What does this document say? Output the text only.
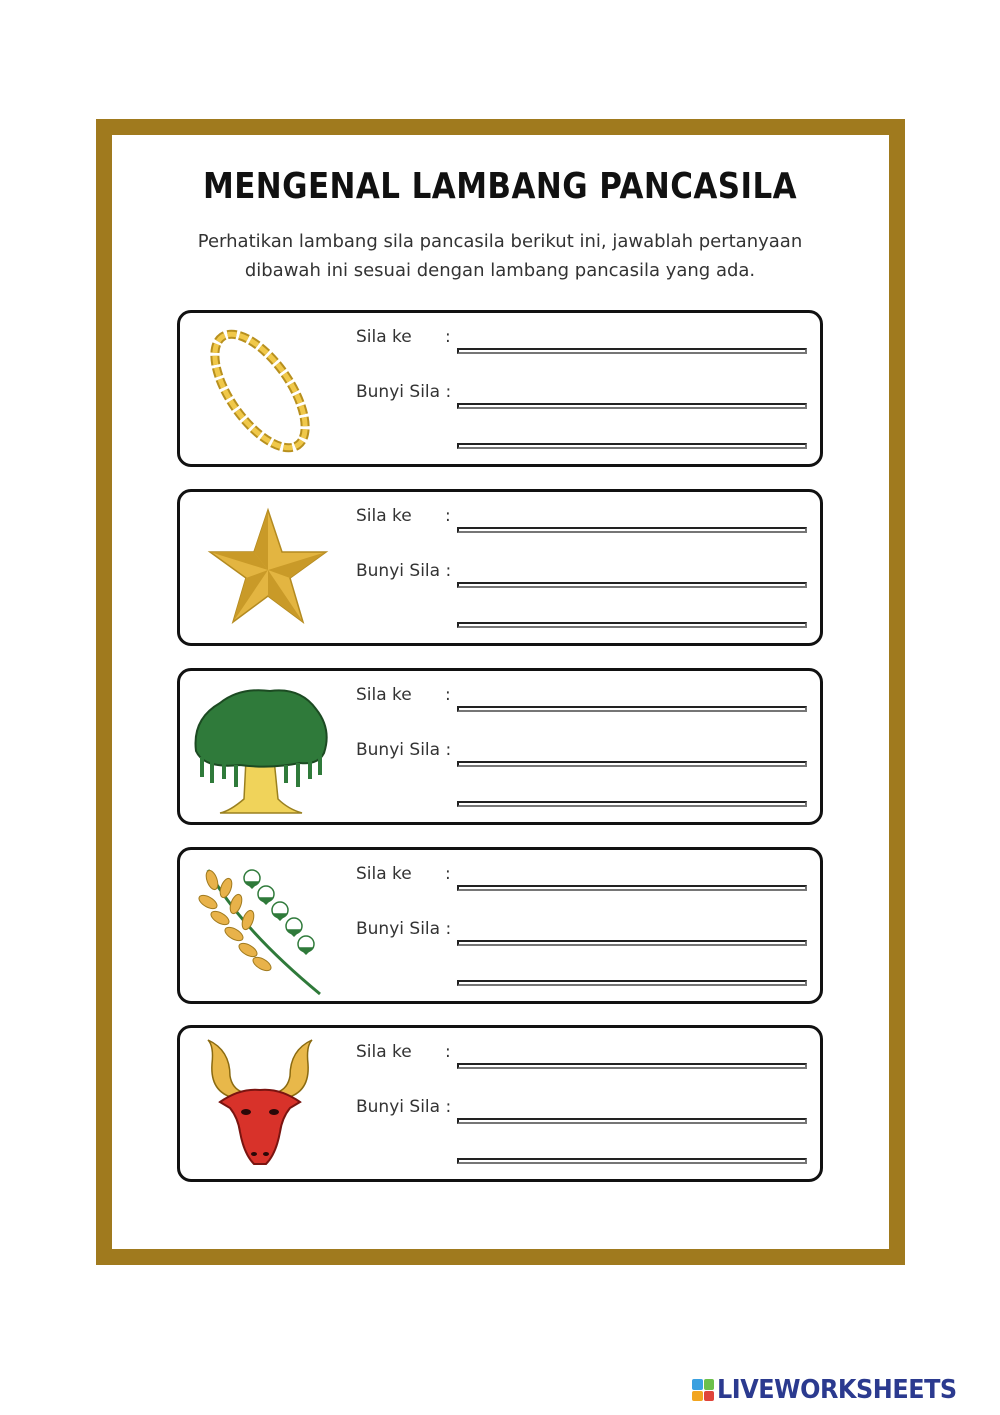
MENGENAL LAMBANG PANCASILA
Perhatikan lambang sila pancasila berikut ini, jawablah pertanyaan
dibawah ini sesuai dengan lambang pancasila yang ada.
Sila ke :
Bunyi Sila :
Sila ke :
Bunyi Sila :
Sila ke :
Bunyi Sila :
Sila ke :
Bunyi Sila :
Sila ke :
Bunyi Sila :
LIVEWORKSHEETS
